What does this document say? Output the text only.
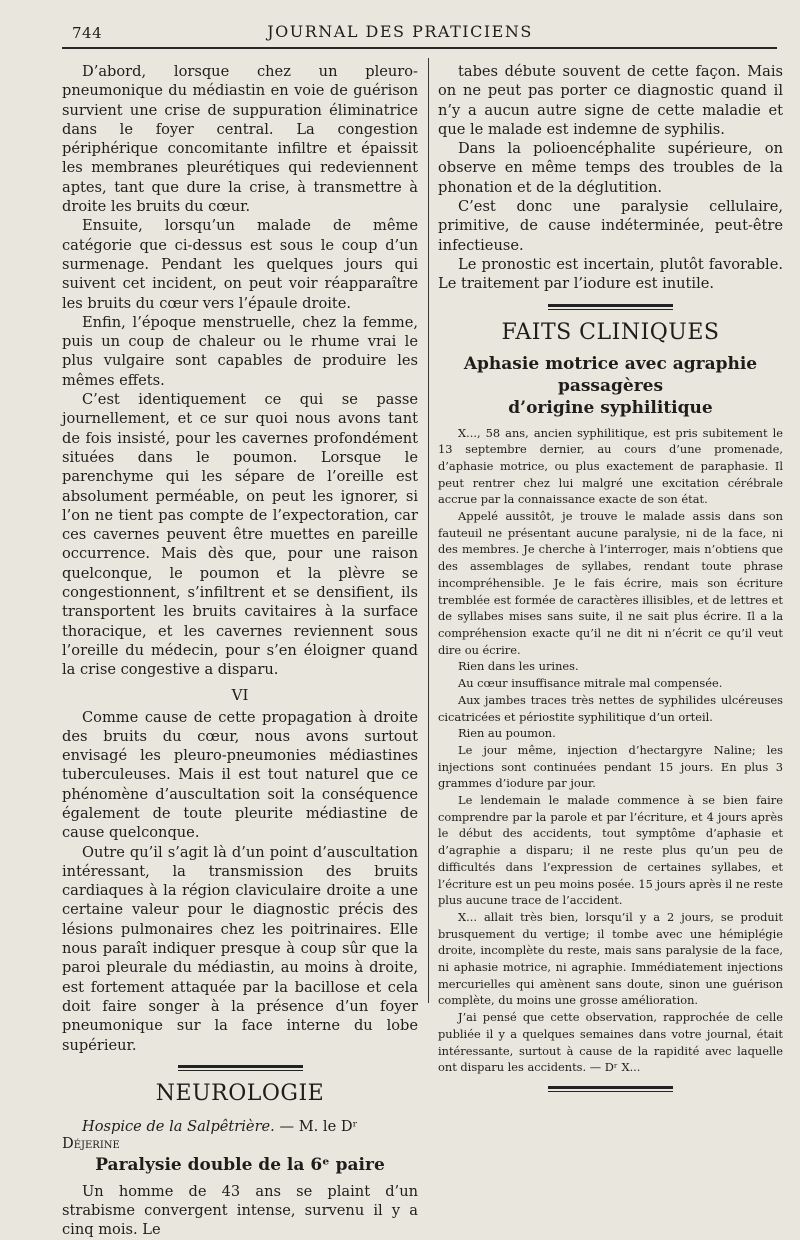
744	JOURNAL DES PRATICIENS

D’abord, lorsque chez un pleuro-pneumonique du médiastin en voie de guérison survient une crise de suppuration éliminatrice dans le foyer central. La congestion périphérique concomitante infiltre et épaissit les membranes pleurétiques qui redeviennent aptes, tant que dure la crise, à transmettre à droite les bruits du cœur.

Ensuite, lorsqu’un malade de même catégorie que ci-dessus est sous le coup d’un surmenage. Pendant les quelques jours qui suivent cet incident, on peut voir réapparaître les bruits du cœur vers l’épaule droite.

Enfin, l’époque menstruelle, chez la femme, puis un coup de chaleur ou le rhume vrai le plus vulgaire sont capables de produire les mêmes effets.

C’est identiquement ce qui se passe journellement, et ce sur quoi nous avons tant de fois insisté, pour les cavernes profondément situées dans le poumon. Lorsque le parenchyme qui les sépare de l’oreille est absolument perméable, on peut les ignorer, si l’on ne tient pas compte de l’expectoration, car ces cavernes peuvent être muettes en pareille occurrence. Mais dès que, pour une raison quelconque, le poumon et la plèvre se congestionnent, s’infiltrent et se densifient, ils transportent les bruits cavitaires à la surface thoracique, et les cavernes reviennent sous l’oreille du médecin, pour s’en éloigner quand la crise congestive a disparu.

VI

Comme cause de cette propagation à droite des bruits du cœur, nous avons surtout envisagé les pleuro-pneumonies médiastines tuberculeuses. Mais il est tout naturel que ce phénomène d’auscultation soit la conséquence également de toute pleurite médiastine de cause quelconque.

Outre qu’il s’agit là d’un point d’auscultation intéressant, la transmission des bruits cardiaques à la région claviculaire droite a une certaine valeur pour le diagnostic précis des lésions pulmonaires chez les poitrinaires. Elle nous paraît indiquer presque à coup sûr que la paroi pleurale du médiastin, au moins à droite, est fortement attaquée par la bacillose et cela doit faire songer à la présence d’un foyer pneumonique sur la face interne du lobe supérieur.

NEUROLOGIE
Hospice de la Salpêtrière. — M. le Dʳ Déjerine
Paralysie double de la 6ᵉ paire

Un homme de 43 ans se plaint d’un strabisme convergent intense, survenu il y a cinq mois. Le

tabes débute souvent de cette façon. Mais on ne peut pas porter ce diagnostic quand il n’y a aucun autre signe de cette maladie et que le malade est indemne de syphilis.

Dans la polioencéphalite supérieure, on observe en même temps des troubles de la phonation et de la déglutition.

C’est donc une paralysie cellulaire, primitive, de cause indéterminée, peut-être infectieuse.

Le pronostic est incertain, plutôt favorable. Le traitement par l’iodure est inutile.

FAITS CLINIQUES
Aphasie motrice avec agraphie passagères
d’origine syphilitique

X..., 58 ans, ancien syphilitique, est pris subitement le 13 septembre dernier, au cours d’une promenade, d’aphasie motrice, ou plus exactement de paraphasie. Il peut rentrer chez lui malgré une excitation cérébrale accrue par la connaissance exacte de son état.

Appelé aussitôt, je trouve le malade assis dans son fauteuil ne présentant aucune paralysie, ni de la face, ni des membres. Je cherche à l’interroger, mais n’obtiens que des assemblages de syllabes, rendant toute phrase incompréhensible. Je le fais écrire, mais son écriture tremblée est formée de caractères illisibles, et de lettres et de syllabes mises sans suite, il ne sait plus écrire. Il a la compréhension exacte qu’il ne dit ni n’écrit ce qu’il veut dire ou écrire.

Rien dans les urines.

Au cœur insuffisance mitrale mal compensée.

Aux jambes traces très nettes de syphilides ulcéreuses cicatricées et périostite syphilitique d’un orteil.

Rien au poumon.

Le jour même, injection d’hectargyre Naline; les injections sont continuées pendant 15 jours. En plus 3 grammes d’iodure par jour.

Le lendemain le malade commence à se bien faire comprendre par la parole et par l’écriture, et 4 jours après le début des accidents, tout symptôme d’aphasie et d’agraphie a disparu; il ne reste plus qu’un peu de difficultés dans l’expression de certaines syllabes, et l’écriture est un peu moins posée. 15 jours après il ne reste plus aucune trace de l’accident.

X... allait très bien, lorsqu’il y a 2 jours, se produit brusquement du vertige; il tombe avec une hémiplégie droite, incomplète du reste, mais sans paralysie de la face, ni aphasie motrice, ni agraphie. Immédiatement injections mercurielles qui amènent sans doute, sinon une guérison complète, du moins une grosse amélioration.

J’ai pensé que cette observation, rapprochée de celle publiée il y a quelques semaines dans votre journal, était intéressante, surtout à cause de la rapidité avec laquelle ont disparu les accidents. — Dʳ X...
